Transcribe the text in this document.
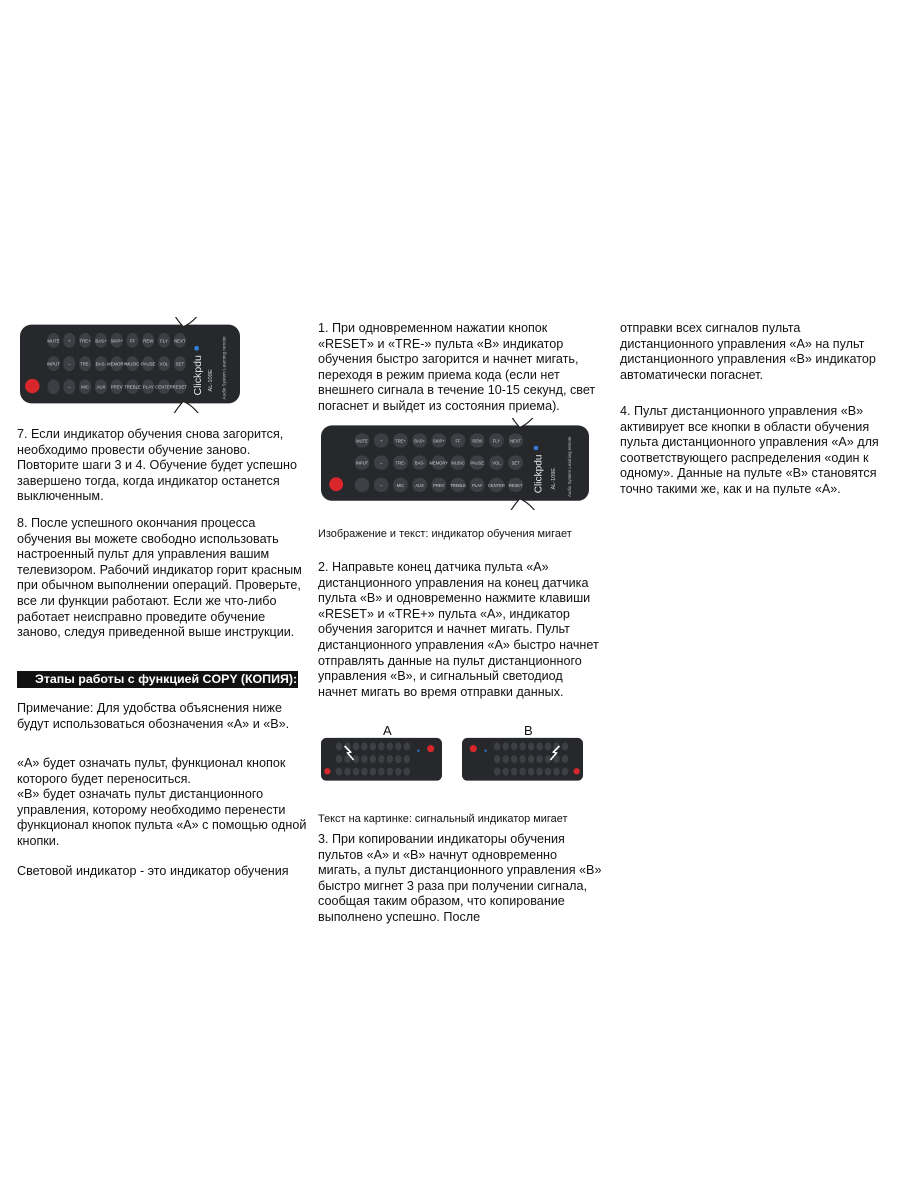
MUTE + TRE+ BAS+ SKIP+ FF REW FLY NEXT
INPUT – TRE- BAS- MEMORY MUSIC PAUSE VOL SET
– MIC AUX PREV TREBLE PLAY CENTER RESET Clickpdu AL-109E Audio System Learning remote

7. Если индикатор обучения снова загорится, необходимо провести обучение заново. Повторите шаги 3 и 4. Обучение будет успешно завершено тогда, когда индикатор останется выключенным.

8. После успешного окончания процесса обучения вы можете свободно использовать настроенный пульт для управления вашим телевизором. Рабочий индикатор горит красным при обычном выполнении операций. Проверьте, все ли функции работают. Если же что-либо работает неисправно проведите обучение заново, следуя приведенной выше инструкции.

Этапы работы с функцией COPY (КОПИЯ):

Примечание: Для удобства объяснения ниже будут использоваться обозначения «А» и «В».

«А» будет означать пульт, функционал кнопок которого будет переноситься.

«В» будет означать пульт дистанционного управления, которому необходимо перенести функционал кнопок пульта «А» с помощью одной кнопки.

Световой индикатор - это индикатор обучения

1. При одновременном нажатии кнопок «RESET» и «TRE-» пульта «В» индикатор обучения быстро загорится и начнет мигать, переходя в режим приема кода (если нет внешнего сигнала в течение 10-15 секунд, свет погаснет и выйдет из состояния приема).

MUTE	+	TRE+ BAS+ SKIP+	FF	REW	FLY NEXT
INPUT	–	TRE- BAS- MEMORY MUSIC PAUSE VOL	SET
–	MIC	AUX PREV TREBLE PLAY CENTER RESET Clickpdu AL-109E Audio System Learning remote

Изображение и текст: индикатор обучения мигает

2. Направьте конец датчика пульта «А» дистанционного управления на конец датчика пульта «В» и одновременно нажмите клавиши «RESET» и «TRE+» пульта «А», индикатор обучения загорится и начнет мигать. Пульт дистанционного управления «А» быстро начнет отправлять данные на пульт дистанционного управления «В», и сигнальный светодиод начнет мигать во время отправки данных.

A	B

Текст на картинке: сигнальный индикатор мигает

3. При копировании индикаторы обучения пультов «А» и «В» начнут одновременно мигать, а пульт дистанционного управления «В» быстро мигнет 3 раза при получении сигнала, сообщая таким образом, что копирование выполнено успешно. После

отправки всех сигналов пульта дистанционного управления «А» на пульт дистанционного управления «В» индикатор автоматически погаснет.

4. Пульт дистанционного управления «В» активирует все кнопки в области обучения пульта дистанционного управления «А» для соответствующего распределения «один к одному». Данные на пульте «В» становятся точно такими же, как и на пульте «А».
